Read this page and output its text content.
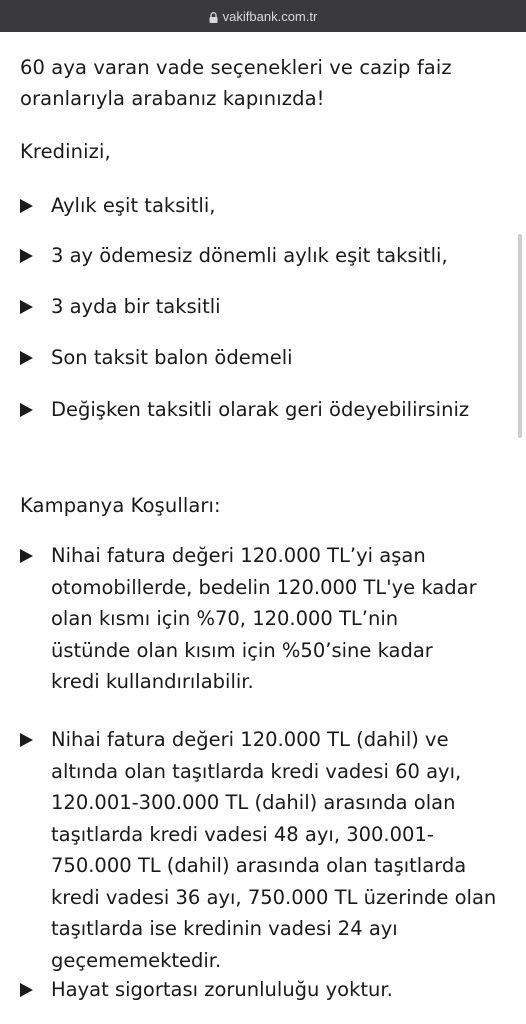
vakifbank.com.tr
60 aya varan vade seçenekleri ve cazip faiz oranlarıyla arabanız kapınızda!
Kredinizi,
Aylık eşit taksitli,
3 ay ödemesiz dönemli aylık eşit taksitli,
3 ayda bir taksitli
Son taksit balon ödemeli
Değişken taksitli olarak geri ödeyebilirsiniz
Kampanya Koşulları:
Nihai fatura değeri 120.000 TL’yi aşan otomobillerde, bedelin 120.000 TL'ye kadar olan kısmı için %70, 120.000 TL’nin üstünde olan kısım için %50’sine kadar kredi kullandırılabilir.
Nihai fatura değeri 120.000 TL (dahil) ve altında olan taşıtlarda kredi vadesi 60 ayı, 120.001-300.000 TL (dahil) arasında olan taşıtlarda kredi vadesi 48 ayı, 300.001-750.000 TL (dahil) arasında olan taşıtlarda kredi vadesi 36 ayı, 750.000 TL üzerinde olan taşıtlarda ise kredinin vadesi 24 ayı geçememektedir.
Hayat sigortası zorunluluğu yoktur.
